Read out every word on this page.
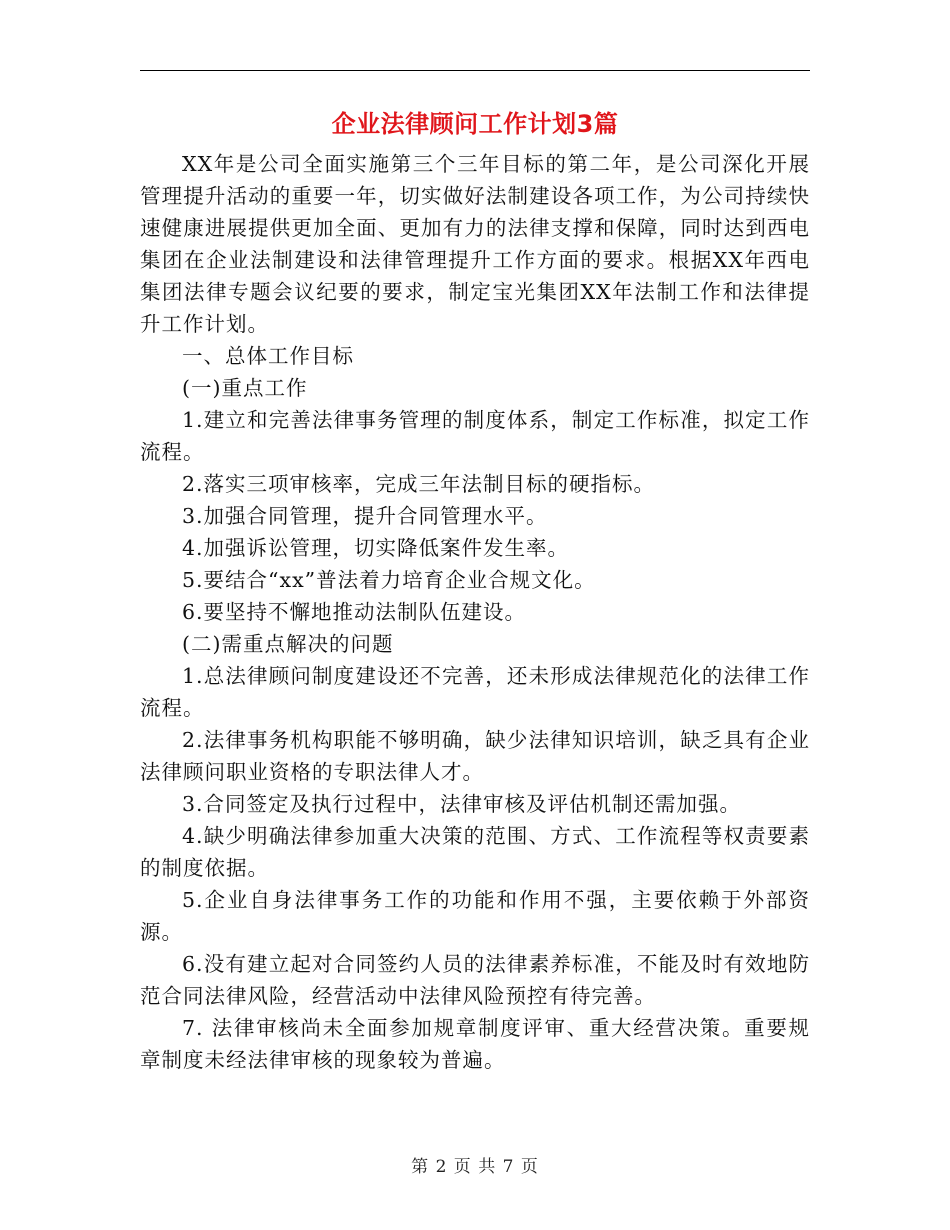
企业法律顾问工作计划3篇

XX年是公司全面实施第三个三年目标的第二年，是公司深化开展管理提升活动的重要一年，切实做好法制建设各项工作，为公司持续快速健康进展提供更加全面、更加有力的法律支撑和保障，同时达到西电集团在企业法制建设和法律管理提升工作方面的要求。根据XX年西电集团法律专题会议纪要的要求，制定宝光集团XX年法制工作和法律提升工作计划。

一、总体工作目标

(一)重点工作

1.建立和完善法律事务管理的制度体系，制定工作标准，拟定工作流程。

2.落实三项审核率，完成三年法制目标的硬指标。

3.加强合同管理，提升合同管理水平。

4.加强诉讼管理，切实降低案件发生率。

5.要结合“xx”普法着力培育企业合规文化。

6.要坚持不懈地推动法制队伍建设。

(二)需重点解决的问题

1.总法律顾问制度建设还不完善，还未形成法律规范化的法律工作流程。

2.法律事务机构职能不够明确，缺少法律知识培训，缺乏具有企业法律顾问职业资格的专职法律人才。

3.合同签定及执行过程中，法律审核及评估机制还需加强。

4.缺少明确法律参加重大决策的范围、方式、工作流程等权责要素的制度依据。

5.企业自身法律事务工作的功能和作用不强，主要依赖于外部资源。

6.没有建立起对合同签约人员的法律素养标准，不能及时有效地防范合同法律风险，经营活动中法律风险预控有待完善。

7. 法律审核尚未全面参加规章制度评审、重大经营决策。重要规章制度未经法律审核的现象较为普遍。

第 2 页 共 7 页
